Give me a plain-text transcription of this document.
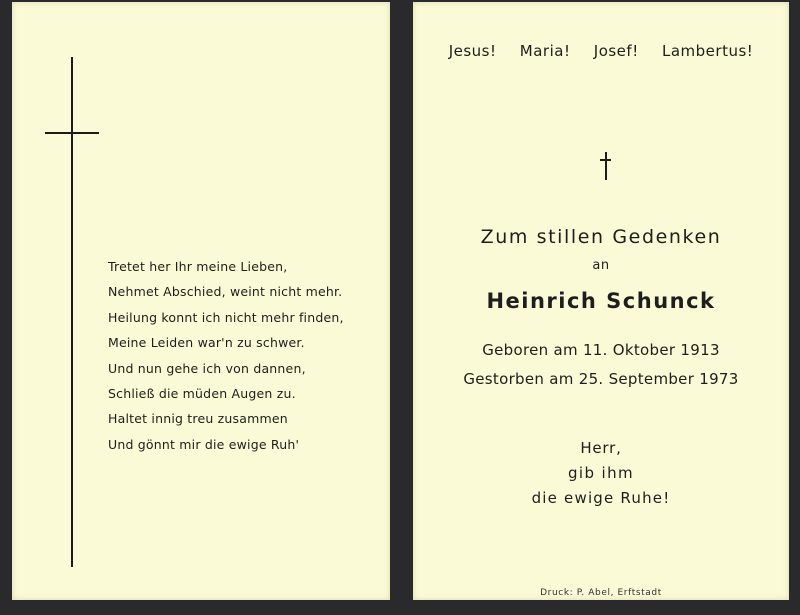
Tretet her Ihr meine Lieben,
Nehmet Abschied, weint nicht mehr.
Heilung konnt ich nicht mehr finden,
Meine Leiden war'n zu schwer.
Und nun gehe ich von dannen,
Schließ die müden Augen zu.
Haltet innig treu zusammen
Und gönnt mir die ewige Ruh'
Jesus! Maria! Josef! Lambertus!
Zum stillen Gedenken
an
Heinrich Schunck
Geboren am 11. Oktober 1913
Gestorben am 25. September 1973
Herr,
gib ihm
die ewige Ruhe!
Druck: P. Abel, Erftstadt
